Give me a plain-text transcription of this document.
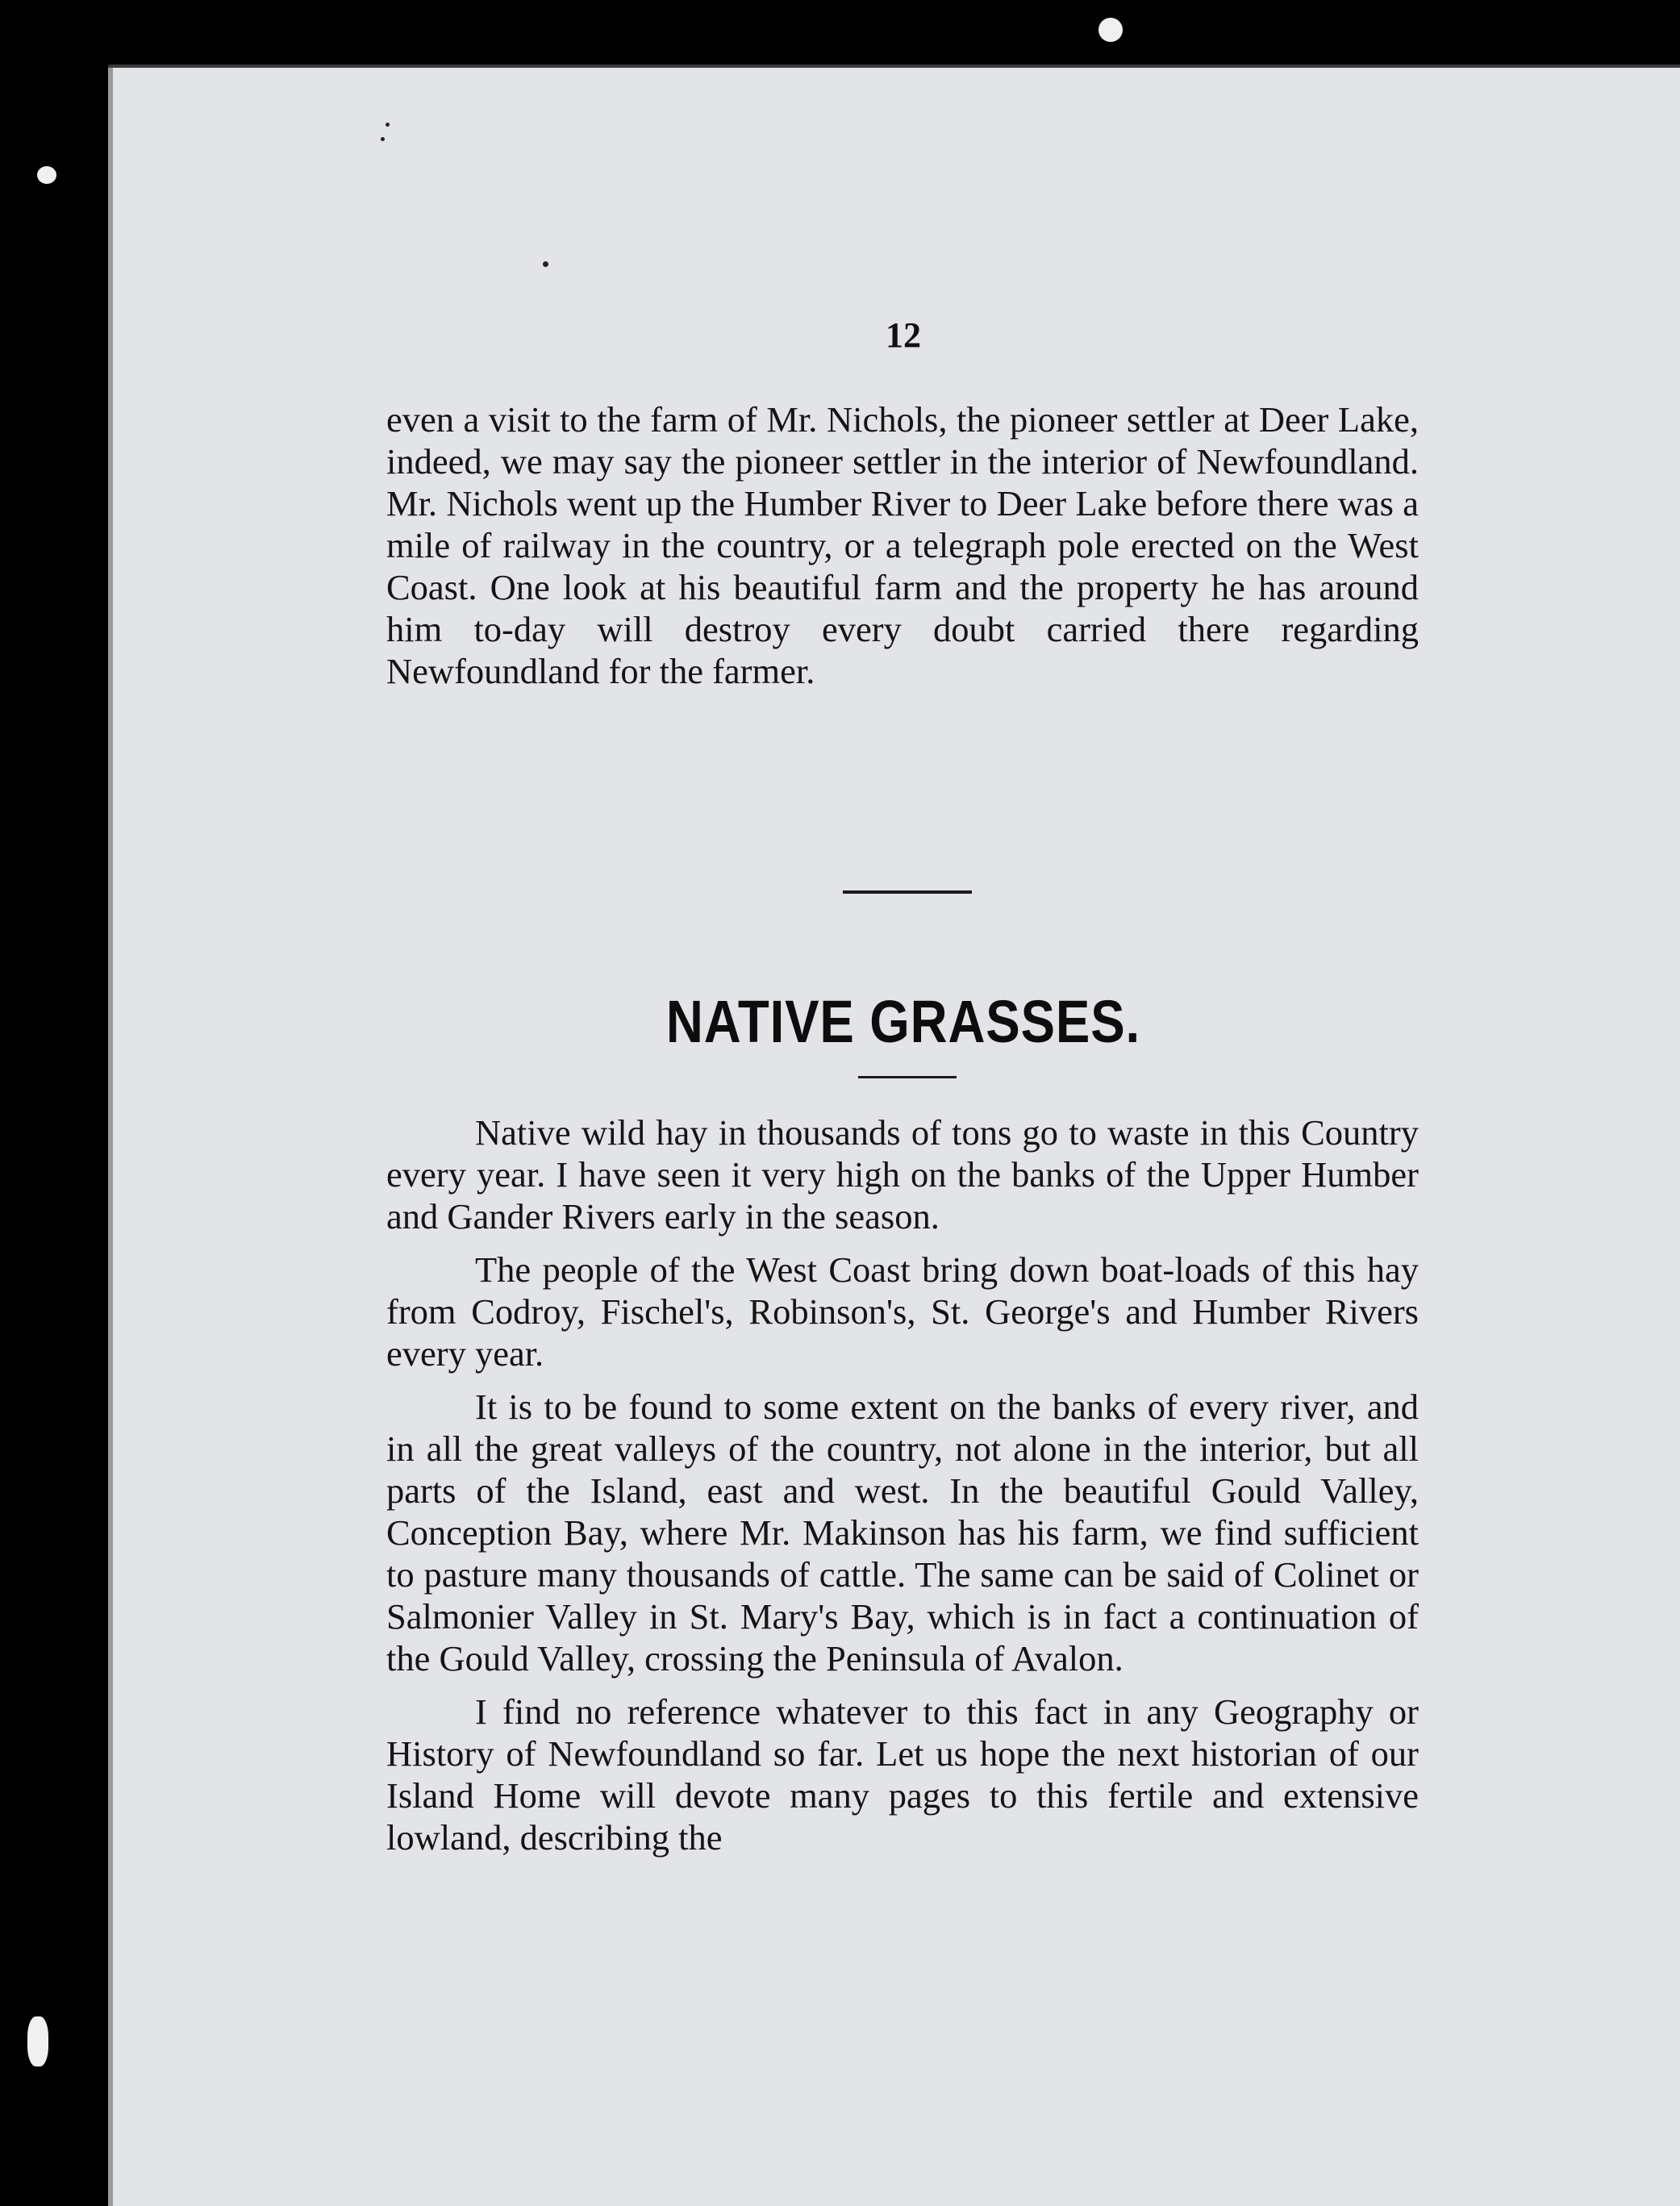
12

even a visit to the farm of Mr. Nichols, the pioneer settler at Deer Lake, indeed, we may say the pioneer settler in the interior of Newfoundland. Mr. Nichols went up the Humber River to Deer Lake before there was a mile of railway in the country, or a telegraph pole erected on the West Coast. One look at his beautiful farm and the property he has around him to-day will destroy every doubt carried there regarding Newfoundland for the farmer.

NATIVE GRASSES.

Native wild hay in thousands of tons go to waste in this Country every year. I have seen it very high on the banks of the Upper Humber and Gander Rivers early in the season.

The people of the West Coast bring down boat-loads of this hay from Codroy, Fischel's, Robinson's, St. George's and Humber Rivers every year.

It is to be found to some extent on the banks of every river, and in all the great valleys of the country, not alone in the interior, but all parts of the Island, east and west. In the beautiful Gould Valley, Conception Bay, where Mr. Makinson has his farm, we find sufficient to pasture many thousands of cattle. The same can be said of Colinet or Salmonier Valley in St. Mary's Bay, which is in fact a continuation of the Gould Valley, crossing the Peninsula of Avalon.

I find no reference whatever to this fact in any Geography or History of Newfoundland so far. Let us hope the next historian of our Island Home will devote many pages to this fertile and extensive lowland, describing the
